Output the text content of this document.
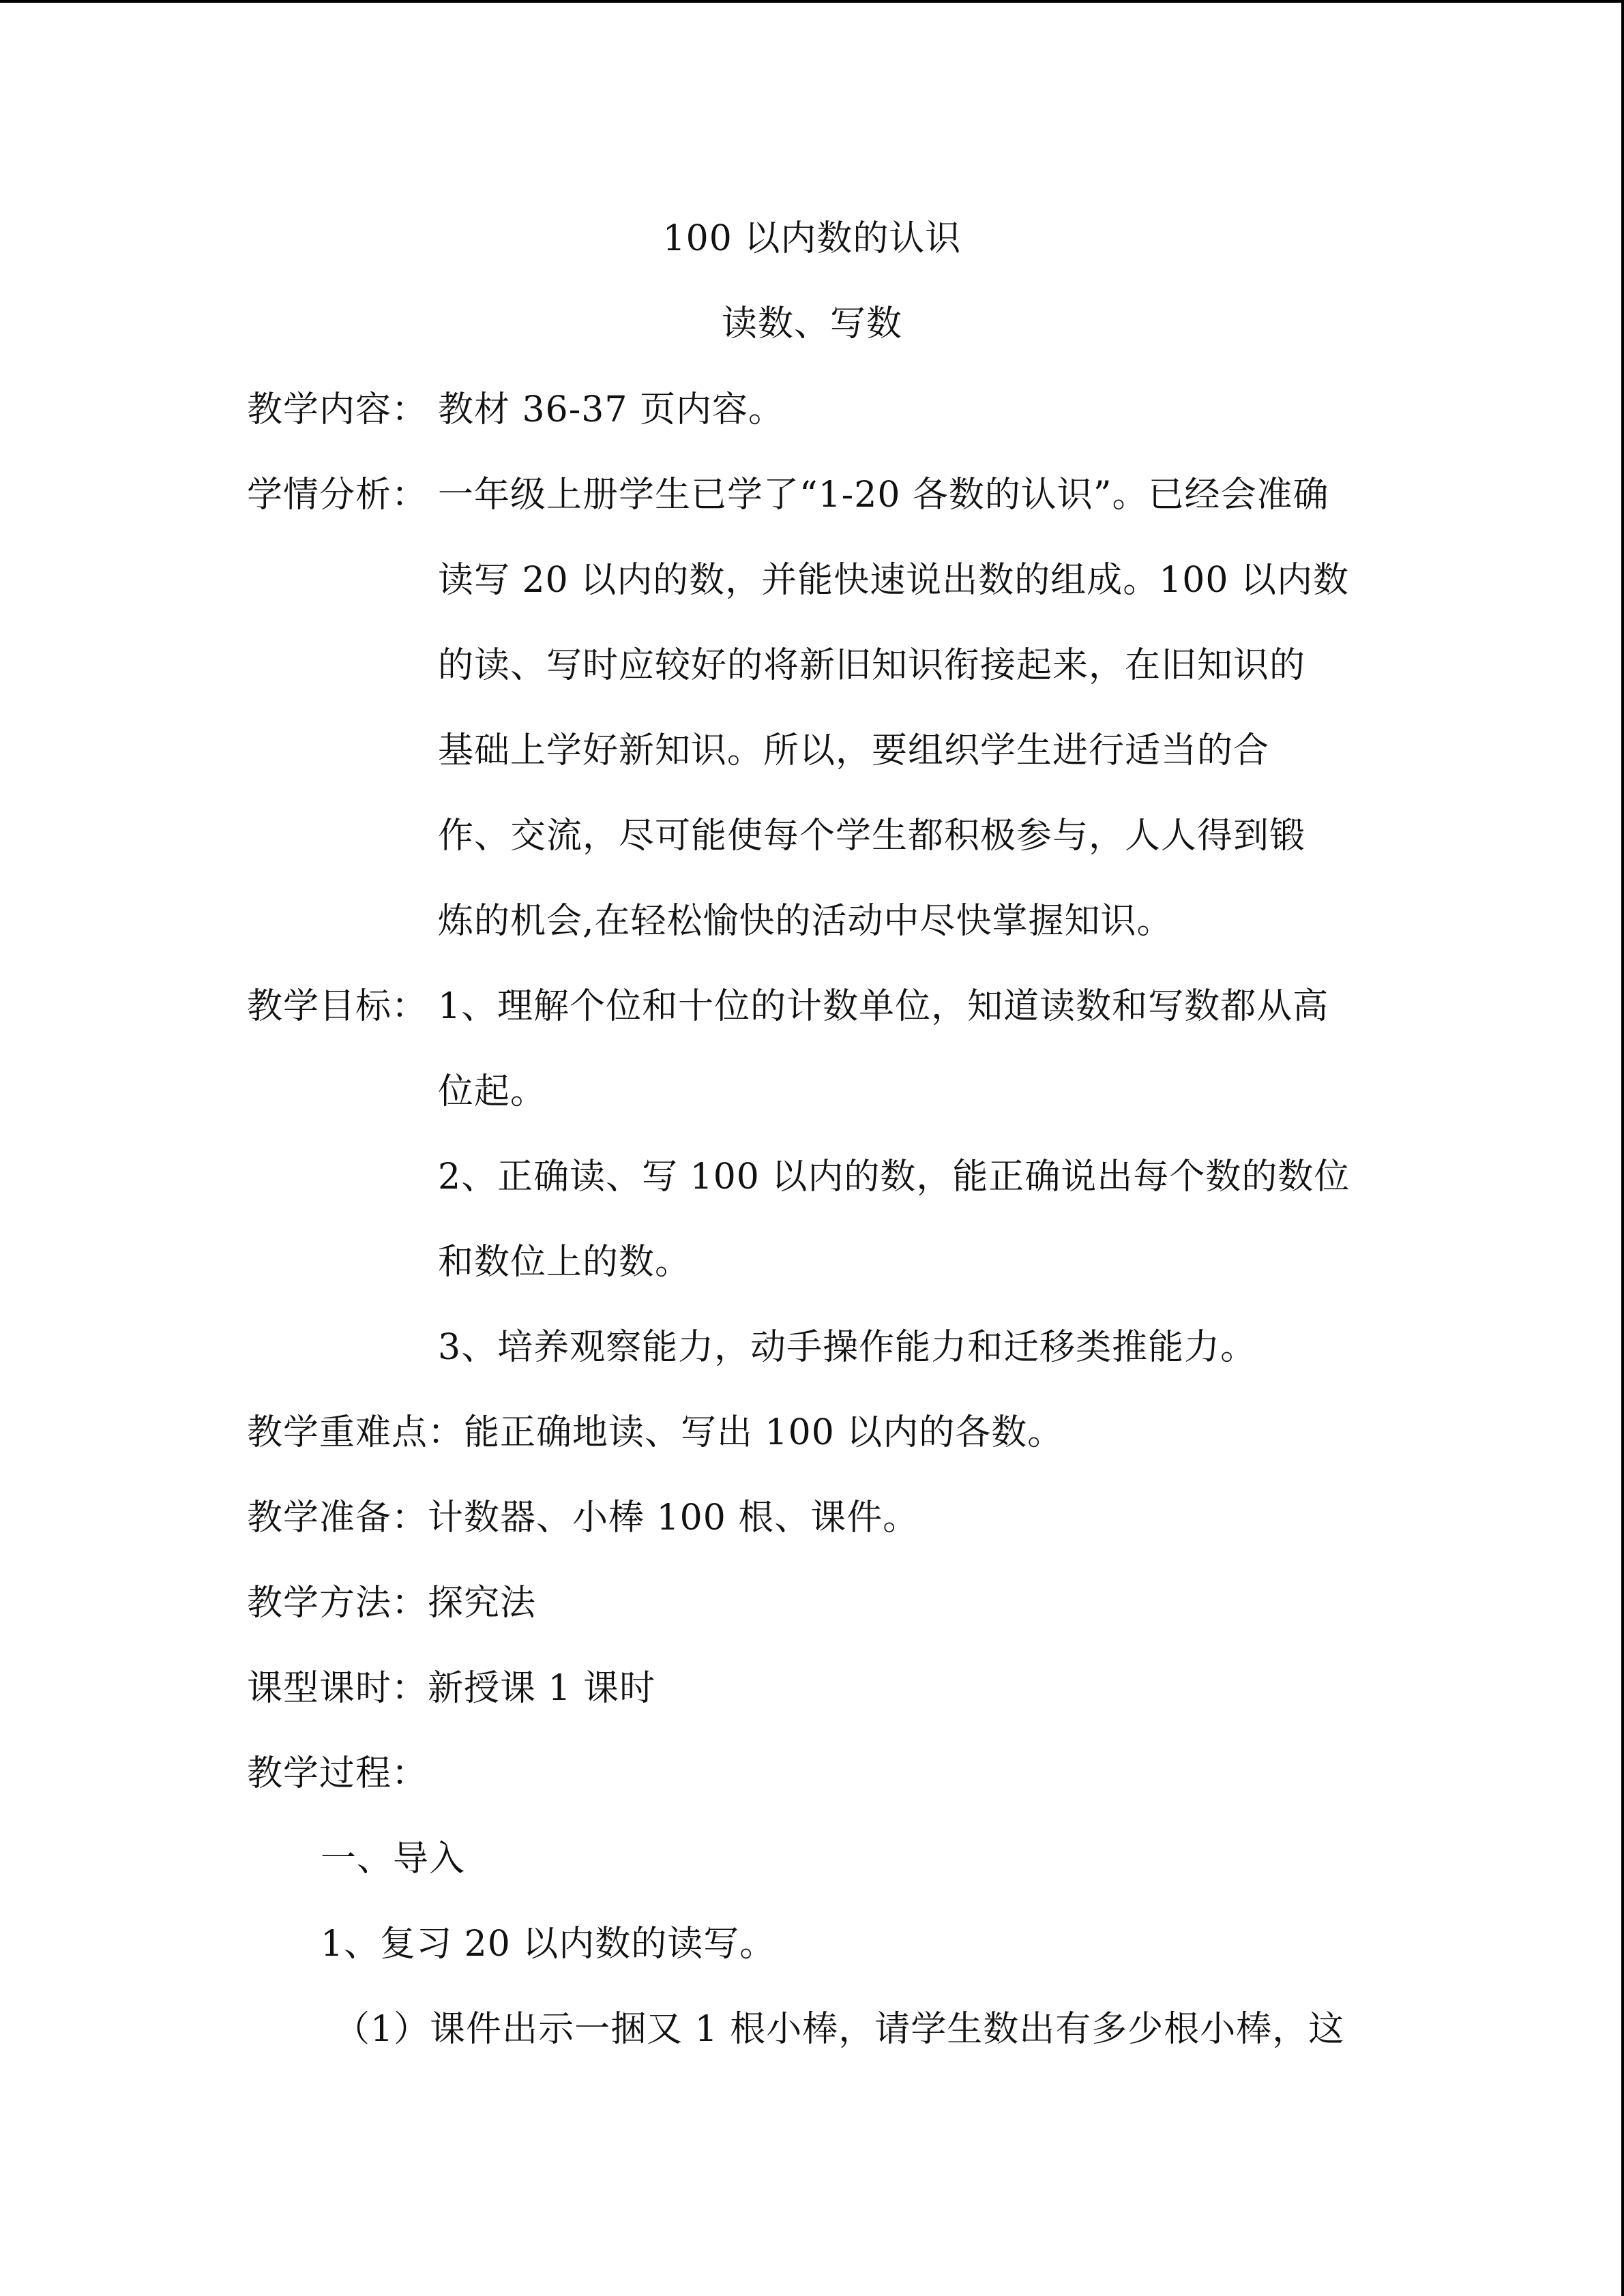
100 以内数的认识
读数、写数
教学内容： 教材 36-37 页内容。
学情分析： 一年级上册学生已学了“1-20 各数的认识”。已经会准确
读写 20 以内的数，并能快速说出数的组成。100 以内数
的读、写时应较好的将新旧知识衔接起来，在旧知识的
基础上学好新知识。所以，要组织学生进行适当的合
作、交流，尽可能使每个学生都积极参与，人人得到锻
炼的机会,在轻松愉快的活动中尽快掌握知识。
教学目标： 1、理解个位和十位的计数单位，知道读数和写数都从高
位起。
2、正确读、写 100 以内的数，能正确说出每个数的数位
和数位上的数。
3、培养观察能力，动手操作能力和迁移类推能力。
教学重难点：能正确地读、写出 100 以内的各数。
教学准备：计数器、小棒 100 根、课件。
教学方法：探究法
课型课时：新授课 1 课时
教学过程：
一、导入
1、复习 20 以内数的读写。
（1）课件出示一捆又 1 根小棒，请学生数出有多少根小棒，这
